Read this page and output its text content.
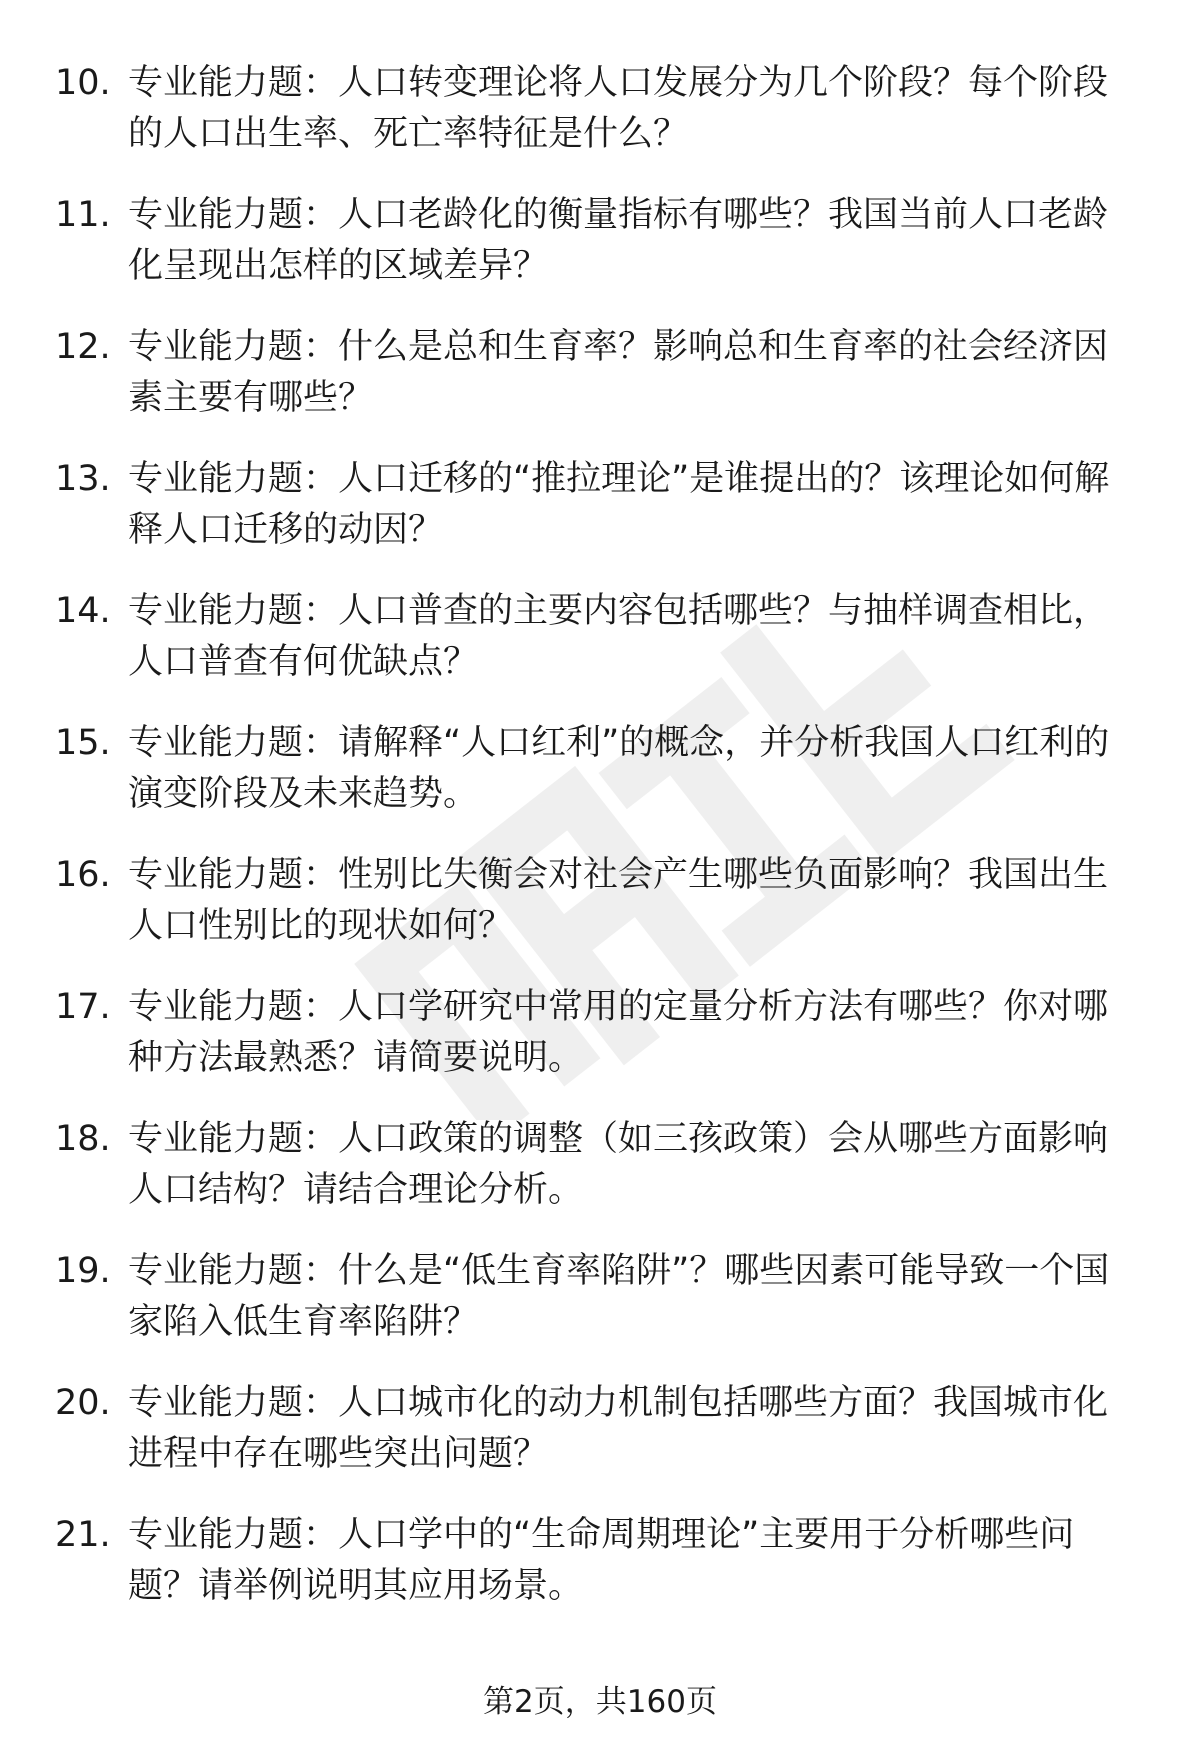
10. 专业能力题：人口转变理论将人口发展分为几个阶段？每个阶段的人口出生率、死亡率特征是什么？
11. 专业能力题：人口老龄化的衡量指标有哪些？我国当前人口老龄化呈现出怎样的区域差异？
12. 专业能力题：什么是总和生育率？影响总和生育率的社会经济因素主要有哪些？
13. 专业能力题：人口迁移的“推拉理论”是谁提出的？该理论如何解释人口迁移的动因？
14. 专业能力题：人口普查的主要内容包括哪些？与抽样调查相比，人口普查有何优缺点？
15. 专业能力题：请解释“人口红利”的概念，并分析我国人口红利的演变阶段及未来趋势。
16. 专业能力题：性别比失衡会对社会产生哪些负面影响？我国出生人口性别比的现状如何？
17. 专业能力题：人口学研究中常用的定量分析方法有哪些？你对哪种方法最熟悉？请简要说明。
18. 专业能力题：人口政策的调整（如三孩政策）会从哪些方面影响人口结构？请结合理论分析。
19. 专业能力题：什么是“低生育率陷阱”？哪些因素可能导致一个国家陷入低生育率陷阱？
20. 专业能力题：人口城市化的动力机制包括哪些方面？我国城市化进程中存在哪些突出问题？
21. 专业能力题：人口学中的“生命周期理论”主要用于分析哪些问题？请举例说明其应用场景。
第2页，共160页
